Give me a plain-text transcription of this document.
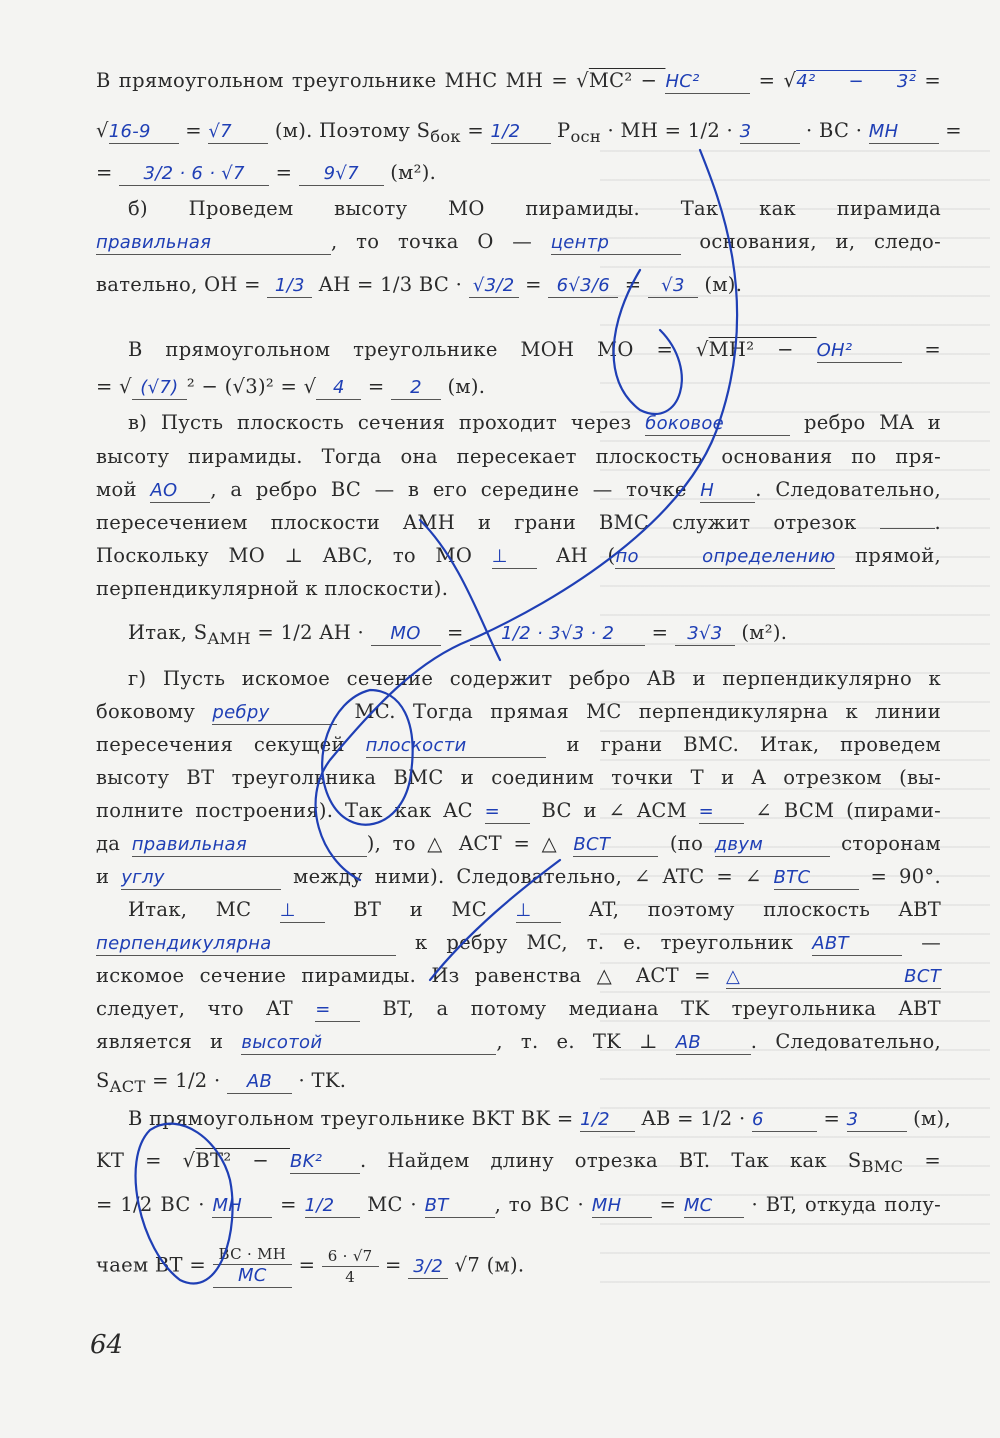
В прямоугольном треугольнике MHC MH = √MC² − HC²	= √4² − 3² =
√16-9 = √7 (м). Поэтому $S_{бок} = 1/2$ $P_{осн}$ · MH = 1/2 · 3 · BC · MH =
= 3/2 · 6 · √7 = 9√7 (м²).
б) Проведем высоту MO пирамиды. Так как пирамида
правильная	, то точка O — центр	основания, и, следо-
вательно, OH = 1/3 AH = 1/3 BC · √3/2 = 6√3/6 = √3 (м).
В прямоугольном треугольнике MOH MO = √MH² − OH²	=
= √ (√7) ² − (√3)² = √ 4 = 2 (м).
в) Пусть плоскость сечения проходит через боковое	ребро MA и
высоту пирамиды. Тогда она пересекает плоскость основания по пря-
мой AO , а ребро BC — в его середине — точке H . Следовательно,
пересечением плоскости AMH и грани BMC служит отрезок	.
Поскольку MO ⊥ ABC, то MO ⊥ AH (по определению прямой,
перпендикулярной к плоскости).
Итак, $S_{AMH} = 1/2$ AH · MO = 1/2 · 3√3 · 2 = 3√3 (м²).
г) Пусть искомое сечение содержит ребро AB и перпендикулярно к
боковому ребру	MC. Тогда прямая MC перпендикулярна к линии
пересечения секущей плоскости	и грани BMC. Итак, проведем
высоту BT треугольника BMC и соединим точки T и A отрезком (вы-
полните построения). Так как AC = BC и ∠ ACM = ∠ BCM (пирами-
да правильная	), то △ ACT = △ BCT (по двум	сторонам
и углу	между ними). Следовательно, ∠ ATC = ∠ BTC = 90°.
Итак, MC ⊥ BT и MC ⊥ AT, поэтому плоскость ABT
перпендикулярна	к ребру MC, т. е. треугольник ABT	—
искомое сечение пирамиды. Из равенства △ ACT = △ BCT
следует, что AT = BT, а потому медиана TK треугольника ABT
является и высотой	, т. е. TK ⊥ AB	. Следовательно,
$S_{ACT} = 1/2$ · AB · TK.
В прямоугольном треугольнике BKT BK = 1/2 AB = 1/2 · 6	= 3 (м),
KT = √BT² − BK² . Найдем длину отрезка BT. Так как $S_{BMC}$ =
= 1/2 BC · MH = 1/2 MC · BT , то BC · MH = MC · BT, откуда полу-
чаем BT = BC · MH
MC	= $\frac{6 \cdot √7}{4} = 3/2$ √7 (м).
64
